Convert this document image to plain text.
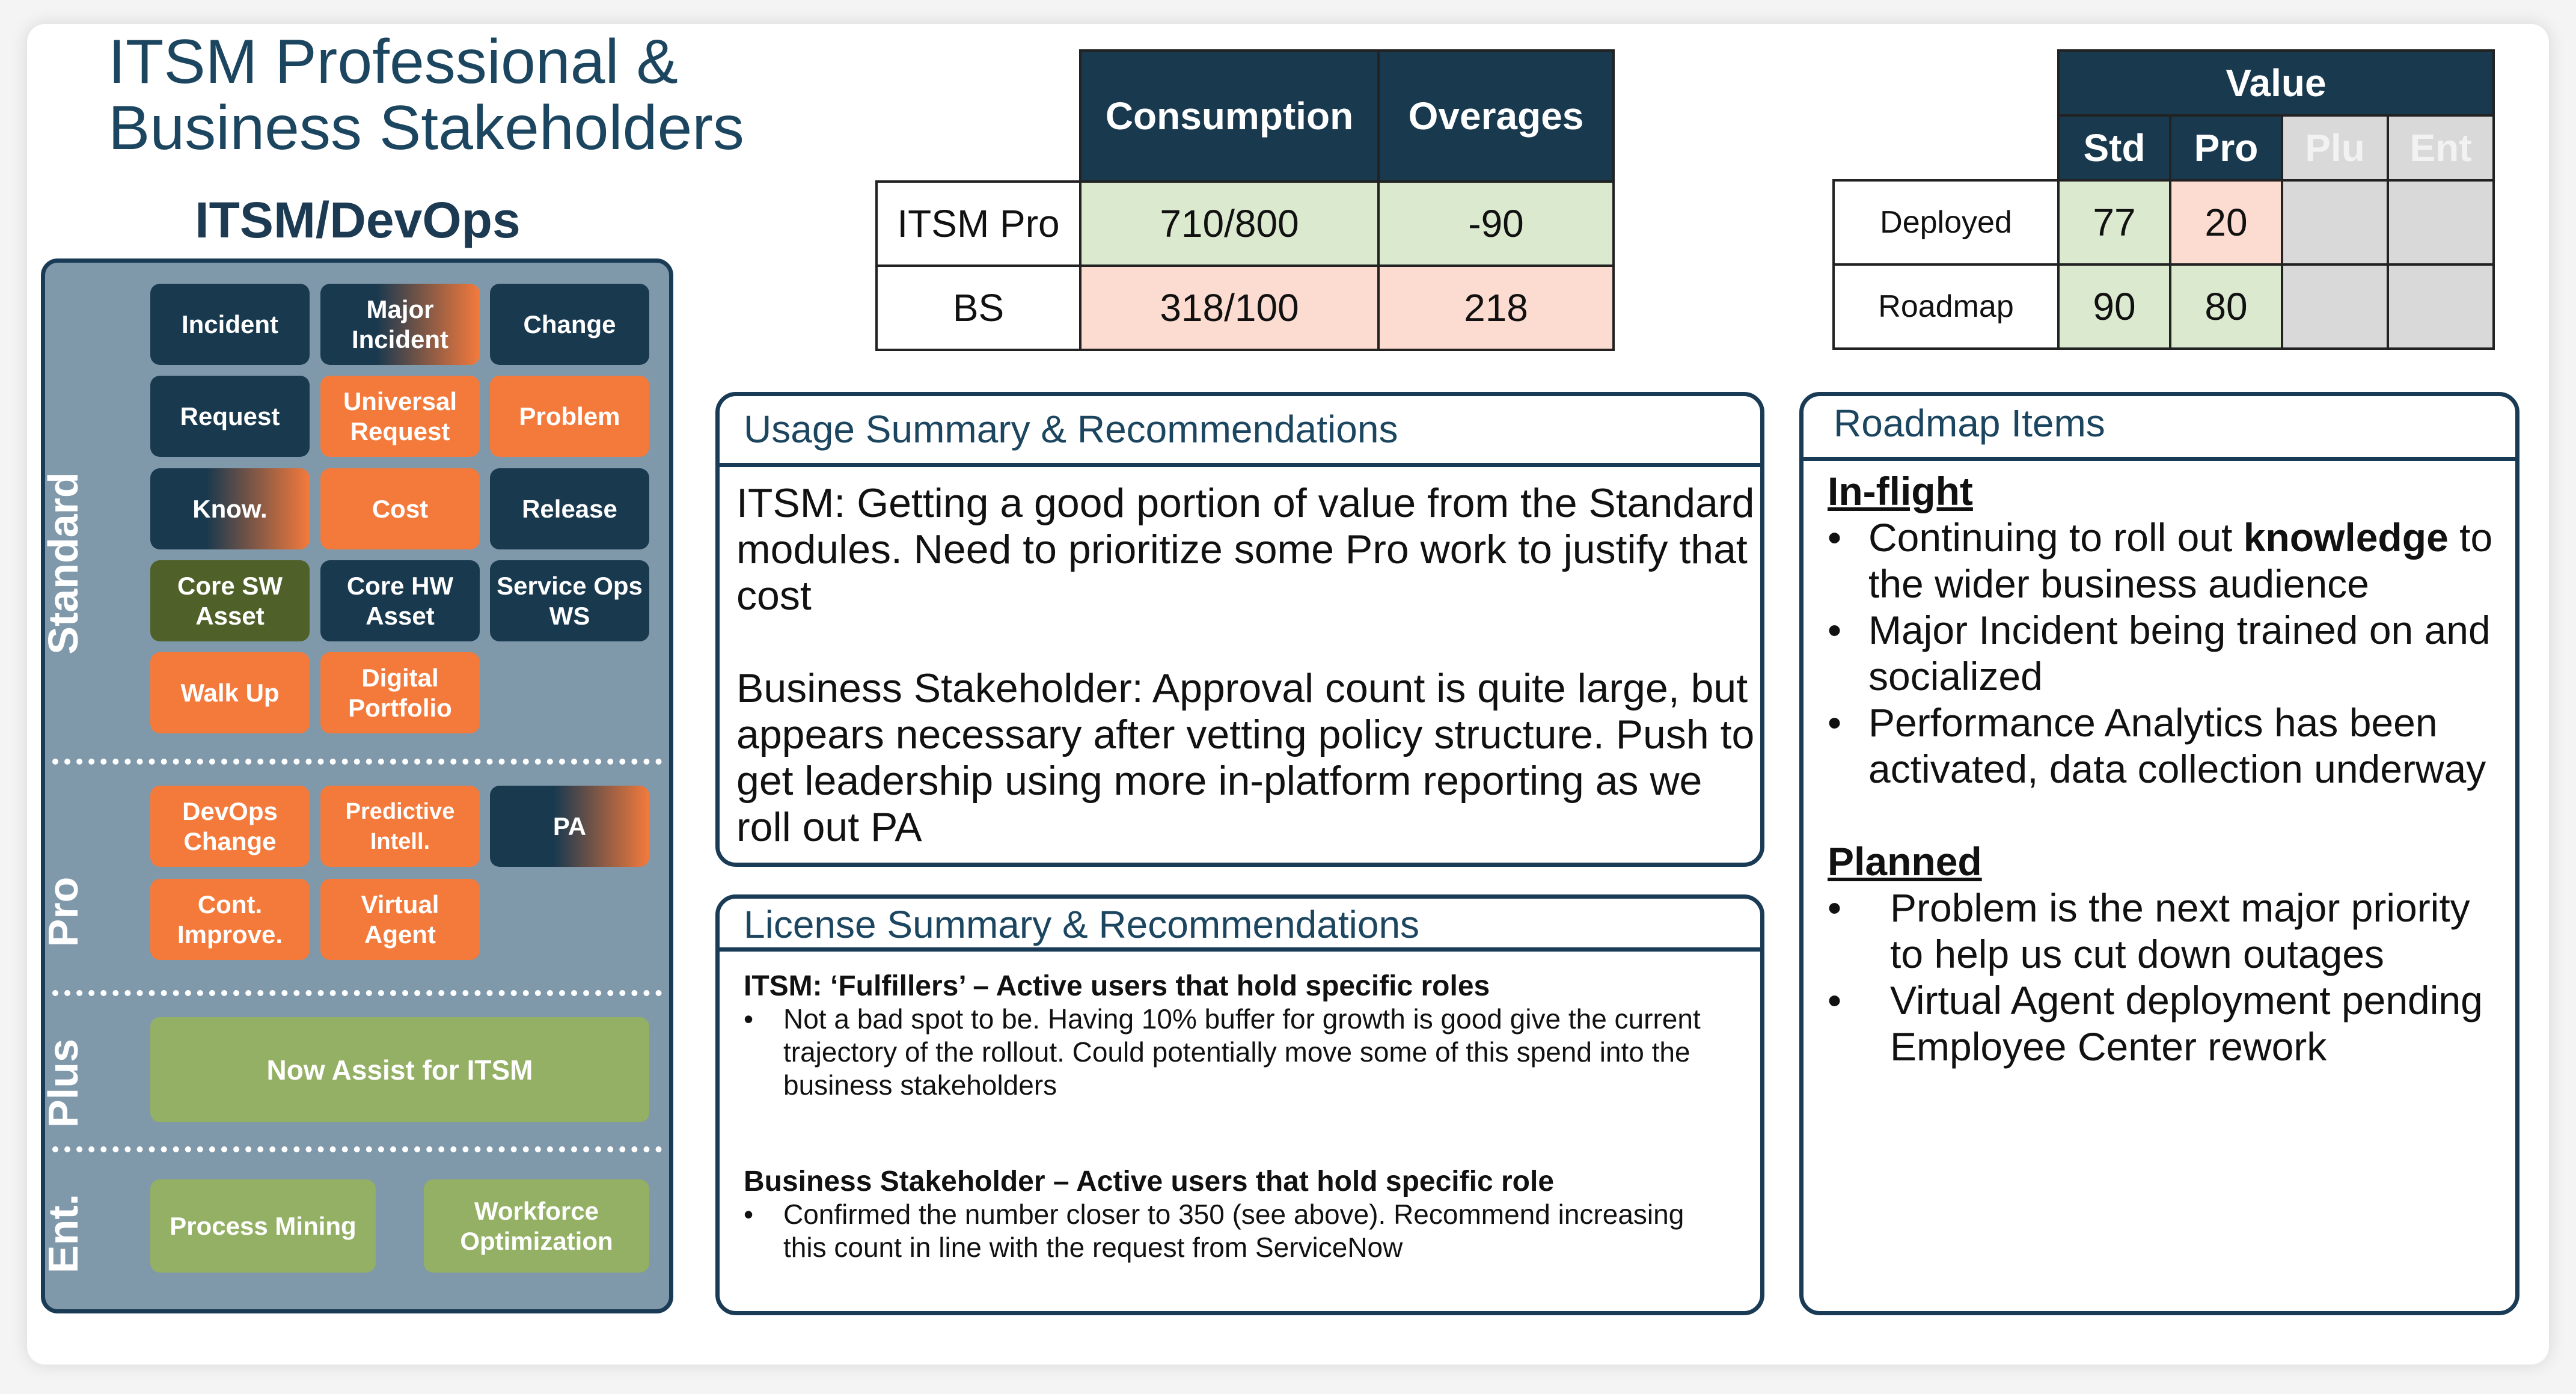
ITSM Professional &
Business Stakeholders
ITSM/DevOps
Standard
Pro
Plus
Ent.
Incident
Major Incident
Change
Request
Universal Request
Problem
Know.	Cost	Release
Core SW Asset
Core HW Asset
Service Ops WS
Walk Up
Digital Portfolio
DevOps Change
Predictive Intell.
PA
Cont. Improve.
Virtual Agent
Now Assist for ITSM
Process Mining
Workforce Optimization
	Consumption	Overages
ITSM Pro	710/800	-90
BS	318/100	218
	Value			
	Std	Pro	Plu	Ent
Deployed	77	20		
Roadmap	90	80		
Usage Summary & Recommendations
ITSM: Getting a good portion of value from the Standard modules. Need to prioritize some Pro work to justify that cost
Business Stakeholder: Approval count is quite large, but appears necessary after vetting policy structure. Push to get leadership using more in-platform reporting as we roll out PA
License Summary & Recommendations
ITSM: ‘Fulfillers’ – Active users that hold specific roles
• Not a bad spot to be. Having 10% buffer for growth is good give the current trajectory of the rollout. Could potentially move some of this spend into the business stakeholders
Business Stakeholder – Active users that hold specific role
• Confirmed the number closer to 350 (see above). Recommend increasing this count in line with the request from ServiceNow
Roadmap Items
In-flight
• Continuing to roll out knowledge to the wider business audience
• Major Incident being trained on and socialized
• Performance Analytics has been activated, data collection underway
Planned
• Problem is the next major priority to help us cut down outages
• Virtual Agent deployment pending Employee Center rework
